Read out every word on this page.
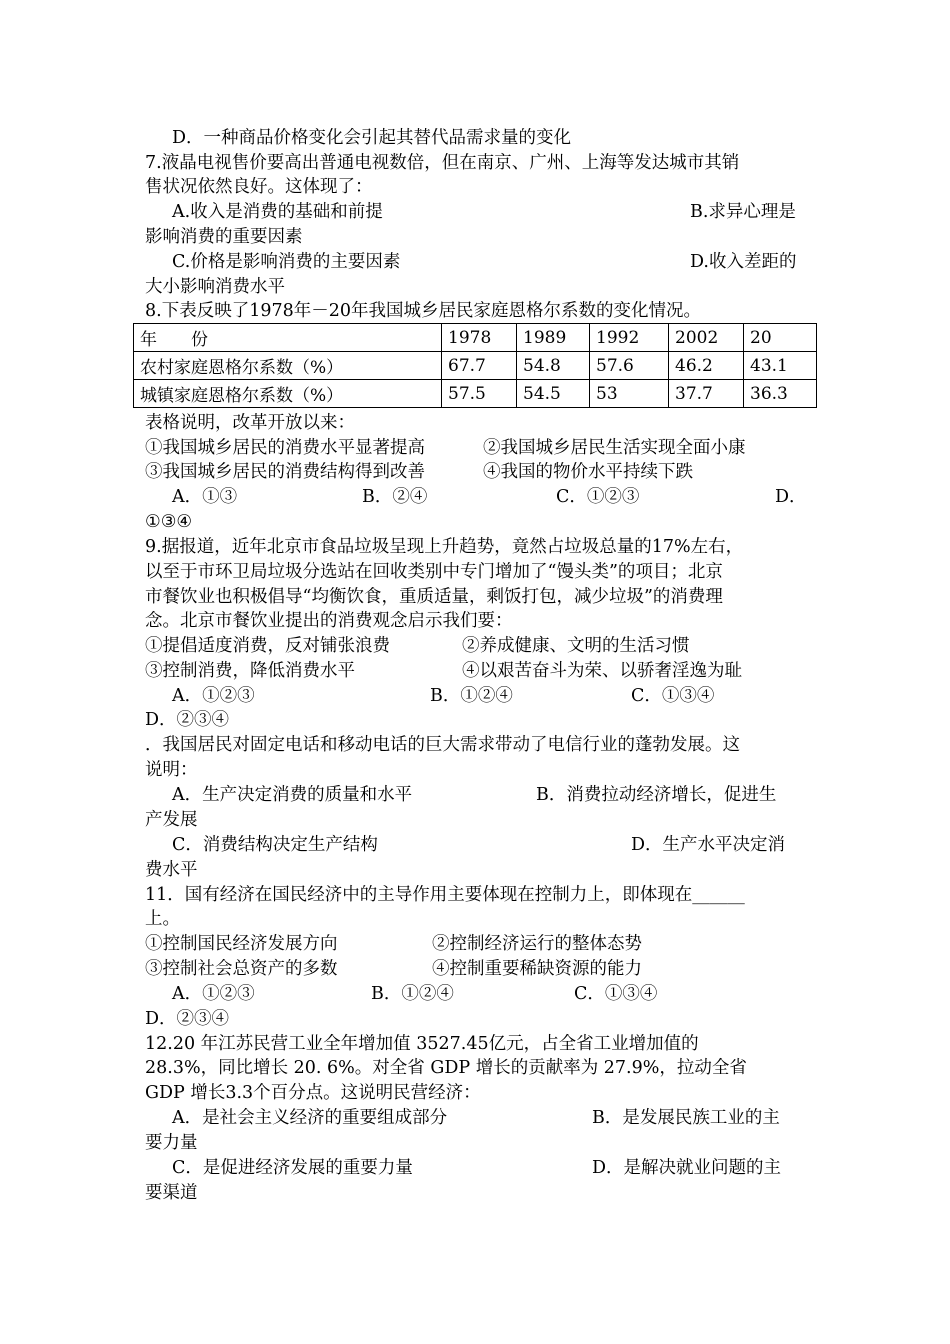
D．一种商品价格变化会引起其替代品需求量的变化
7.液晶电视售价要高出普通电视数倍，但在南京、广州、上海等发达城市其销
售状况依然良好。这体现了：
A.收入是消费的基础和前提	B.求异心理是
影响消费的重要因素
C.价格是影响消费的主要因素	D.收入差距的
大小影响消费水平
8.下表反映了1978年－20年我国城乡居民家庭恩格尔系数的变化情况。
年　　份	1978	1989	1992	2002	20
农村家庭恩格尔系数（%）	67.7	54.8	57.6	46.2	43.1
城镇家庭恩格尔系数（%）	57.5	54.5	53	37.7	36.3
表格说明，改革开放以来：
①我国城乡居民的消费水平显著提高	②我国城乡居民生活实现全面小康
③我国城乡居民的消费结构得到改善	④我国的物价水平持续下跌
A．①③	B．②④	C．①②③	D．
①③④
9.据报道，近年北京市食品垃圾呈现上升趋势，竟然占垃圾总量的17%左右，
以至于市环卫局垃圾分选站在回收类别中专门增加了“馒头类”的项目；北京
市餐饮业也积极倡导“均衡饮食，重质适量，剩饭打包，减少垃圾”的消费理
念。北京市餐饮业提出的消费观念启示我们要：
①提倡适度消费，反对铺张浪费	②养成健康、文明的生活习惯
③控制消费，降低消费水平	④以艰苦奋斗为荣、以骄奢淫逸为耻
A．①②③	B．①②④	C．①③④
D．②③④
．我国居民对固定电话和移动电话的巨大需求带动了电信行业的蓬勃发展。这
说明：
A．生产决定消费的质量和水平	B．消费拉动经济增长，促进生
产发展
C．消费结构决定生产结构	D．生产水平决定消
费水平
11．国有经济在国民经济中的主导作用主要体现在控制力上，即体现在______
上。
①控制国民经济发展方向	②控制经济运行的整体态势
③控制社会总资产的多数	④控制重要稀缺资源的能力
A．①②③	B．①②④	C．①③④
D．②③④
12.20 年江苏民营工业全年增加值 3527.45亿元，占全省工业增加值的
28.3%，同比增长 20. 6%。对全省 GDP 增长的贡献率为 27.9%，拉动全省
GDP 增长3.3个百分点。这说明民营经济：
A．是社会主义经济的重要组成部分	B．是发展民族工业的主
要力量
C．是促进经济发展的重要力量	D．是解决就业问题的主
要渠道
